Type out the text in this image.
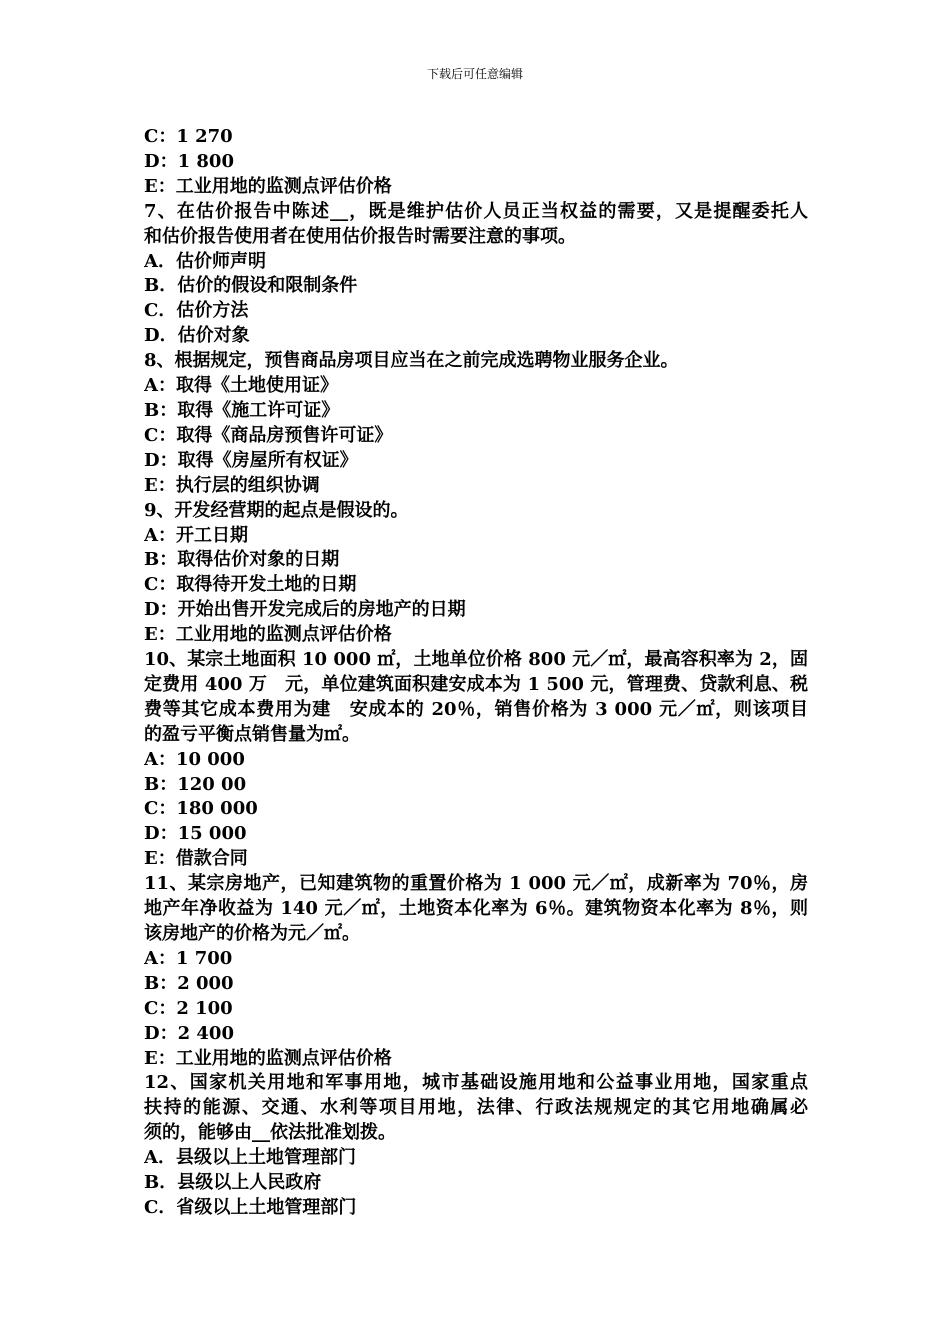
下载后可任意编辑
C：1 270
D：1 800
E：工业用地的监测点评估价格
7、在估价报告中陈述__，既是维护估价人员正当权益的需要，又是提醒委托人
和估价报告使用者在使用估价报告时需要注意的事项。
A．估价师声明
B．估价的假设和限制条件
C．估价方法
D．估价对象
8、根据规定，预售商品房项目应当在之前完成选聘物业服务企业。
A：取得《土地使用证》
B：取得《施工许可证》
C：取得《商品房预售许可证》
D：取得《房屋所有权证》
E：执行层的组织协调
9、开发经营期的起点是假设的。
A：开工日期
B：取得估价对象的日期
C：取得待开发土地的日期
D：开始出售开发完成后的房地产的日期
E：工业用地的监测点评估价格
10、某宗土地面积 10 000 ㎡，土地单位价格 800 元／㎡，最高容积率为 2，固
定费用 400 万　元，单位建筑面积建安成本为 1 500 元，管理费、贷款利息、税
费等其它成本费用为建　安成本的 20％，销售价格为 3 000 元／㎡，则该项目
的盈亏平衡点销售量为㎡。
A：10 000
B：120 00
C：180 000
D：15 000
E：借款合同
11、某宗房地产，已知建筑物的重置价格为 1 000 元／㎡，成新率为 70％，房
地产年净收益为 140 元／㎡，土地资本化率为 6％。建筑物资本化率为 8％，则
该房地产的价格为元／㎡。
A：1 700
B：2 000
C：2 100
D：2 400
E：工业用地的监测点评估价格
12、国家机关用地和军事用地，城市基础设施用地和公益事业用地，国家重点
扶持的能源、交通、水利等项目用地，法律、行政法规规定的其它用地确属必
须的，能够由__依法批准划拨。
A．县级以上土地管理部门
B．县级以上人民政府
C．省级以上土地管理部门
